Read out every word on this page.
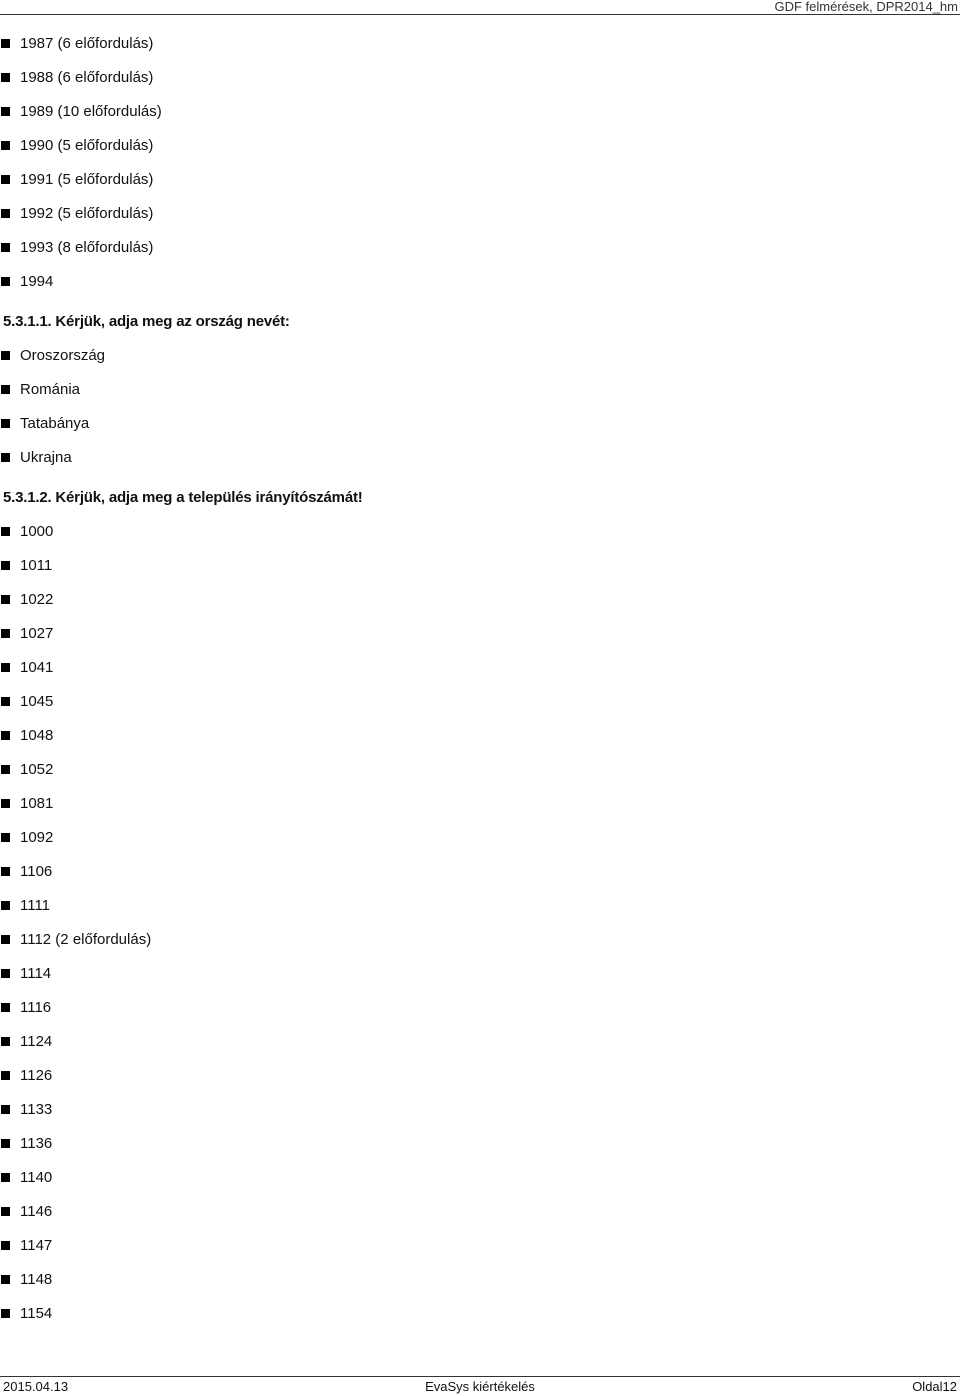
GDF felmérések, DPR2014_hm
1987 (6 előfordulás)
1988 (6 előfordulás)
1989 (10 előfordulás)
1990 (5 előfordulás)
1991 (5 előfordulás)
1992 (5 előfordulás)
1993 (8 előfordulás)
1994
5.3.1.1. Kérjük, adja meg az ország nevét:
Oroszország
Románia
Tatabánya
Ukrajna
5.3.1.2. Kérjük, adja meg a település irányítószámát!
1000
1011
1022
1027
1041
1045
1048
1052
1081
1092
1106
1111
1112 (2 előfordulás)
1114
1116
1124
1126
1133
1136
1140
1146
1147
1148
1154
2015.04.13	EvaSys kiértékelés	Oldal12
